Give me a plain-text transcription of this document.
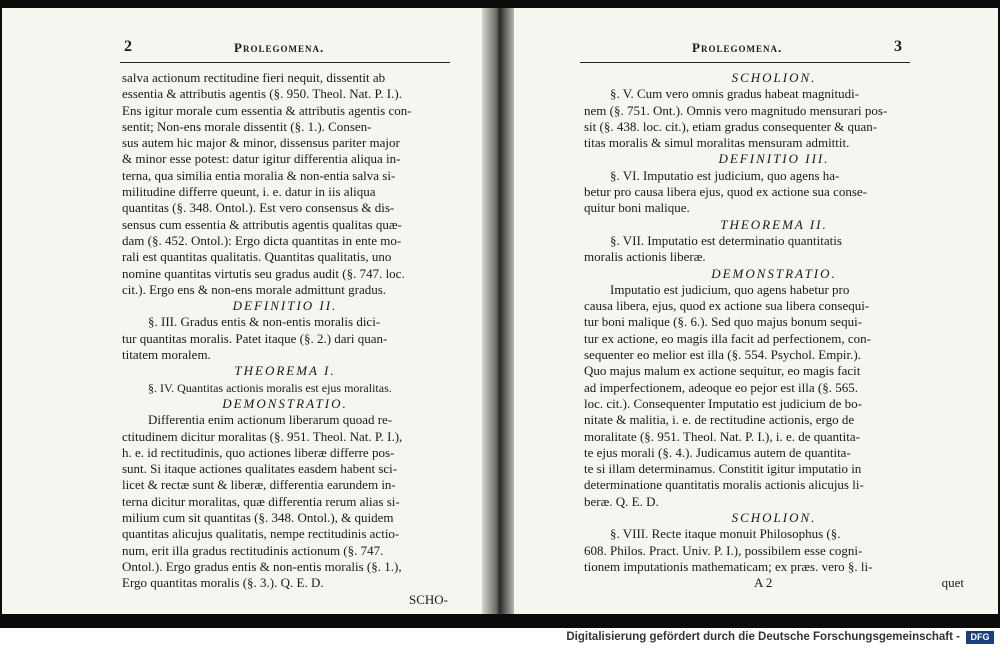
2	Prolegomena.

salva actionum rectitudine fieri nequit, dissentit ab

essentia & attributis agentis (§. 950. Theol. Nat. P. I.).

Ens igitur morale cum essentia & attributis agentis con-

sentit; Non-ens morale dissentit (§. 1.). Consen-

sus autem hic major & minor, dissensus pariter major

& minor esse potest: datur igitur differentia aliqua in-

terna, qua similia entia moralia & non-entia salva si-

militudine differre queunt, i. e. datur in iis aliqua

quantitas (§. 348. Ontol.). Est vero consensus & dis-

sensus cum essentia & attributis agentis qualitas quæ-

dam (§. 452. Ontol.): Ergo dicta quantitas in ente mo-

rali est quantitas qualitatis. Quantitas qualitatis, uno

nomine quantitas virtutis seu gradus audit (§. 747. loc.

cit.). Ergo ens & non-ens morale admittunt gradus.

DEFINITIO II.

§. III. Gradus entis & non-entis moralis dici-

tur quantitas moralis. Patet itaque (§. 2.) dari quan-

titatem moralem.

THEOREMA I.

§. IV. Quantitas actionis moralis est ejus moralitas.

DEMONSTRATIO.

Differentia enim actionum liberarum quoad re-

ctitudinem dicitur moralitas (§. 951. Theol. Nat. P. I.),

h. e. id rectitudinis, quo actiones liberæ differre pos-

sunt. Si itaque actiones qualitates easdem habent sci-

licet & rectæ sunt & liberæ, differentia earundem in-

terna dicitur moralitas, quæ differentia rerum alias si-

milium cum sit quantitas (§. 348. Ontol.), & quidem

quantitas alicujus qualitatis, nempe rectitudinis actio-

num, erit illa gradus rectitudinis actionum (§. 747.

Ontol.). Ergo gradus entis & non-entis moralis (§. 1.),

Ergo quantitas moralis (§. 3.). Q. E. D.

SCHO-

Prolegomena.	3

SCHOLION.

§. V. Cum vero omnis gradus habeat magnitudi-

nem (§. 751. Ont.). Omnis vero magnitudo mensurari pos-

sit (§. 438. loc. cit.), etiam gradus consequenter & quan-

titas moralis & simul moralitas mensuram admittit.

DEFINITIO III.

§. VI. Imputatio est judicium, quo agens ha-

betur pro causa libera ejus, quod ex actione sua conse-

quitur boni malique.

THEOREMA II.

§. VII. Imputatio est determinatio quantitatis

moralis actionis liberæ.

DEMONSTRATIO.

Imputatio est judicium, quo agens habetur pro

causa libera, ejus, quod ex actione sua libera consequi-

tur boni malique (§. 6.). Sed quo majus bonum sequi-

tur ex actione, eo magis illa facit ad perfectionem, con-

sequenter eo melior est illa (§. 554. Psychol. Empir.).

Quo majus malum ex actione sequitur, eo magis facit

ad imperfectionem, adeoque eo pejor est illa (§. 565.

loc. cit.). Consequenter Imputatio est judicium de bo-

nitate & malitia, i. e. de rectitudine actionis, ergo de

moralitate (§. 951. Theol. Nat. P. I.), i. e. de quantita-

te ejus morali (§. 4.). Judicamus autem de quantita-

te si illam determinamus. Constitit igitur imputatio in

determinatione quantitatis moralis actionis alicujus li-

beræ. Q. E. D.

SCHOLION.

§. VIII. Recte itaque monuit Philosophus (§.

608. Philos. Pract. Univ. P. I.), possibilem esse cogni-

tionem imputationis mathematicam; ex præs. vero §. li-

A 2	quet

Digitalisierung gefördert durch die Deutsche Forschungsgemeinschaft -	DFG
